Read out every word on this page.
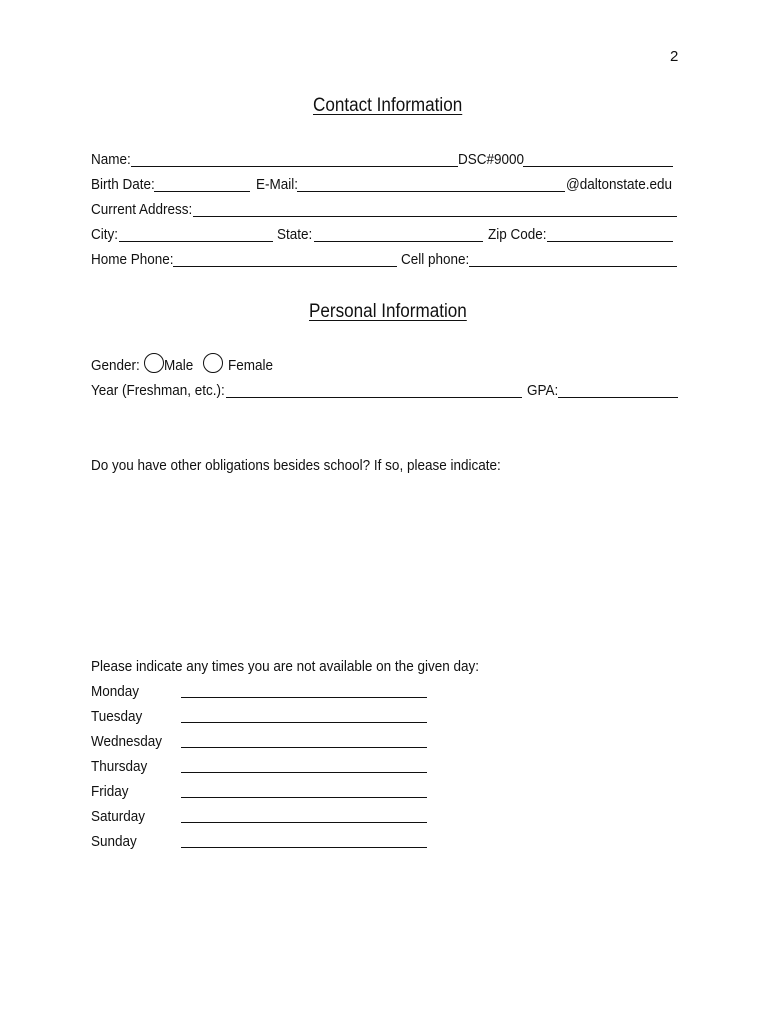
2
Contact Information
Name:	DSC#9000
Birth Date:	E-Mail:	@daltonstate.edu
Current Address:
City:	State:	Zip Code:
Home Phone:	Cell phone:
Personal Information
Gender: Male Female
Year (Freshman, etc.):	GPA:
Do you have other obligations besides school? If so, please indicate:
Please indicate any times you are not available on the given day:
Monday
Tuesday
Wednesday
Thursday
Friday
Saturday
Sunday
